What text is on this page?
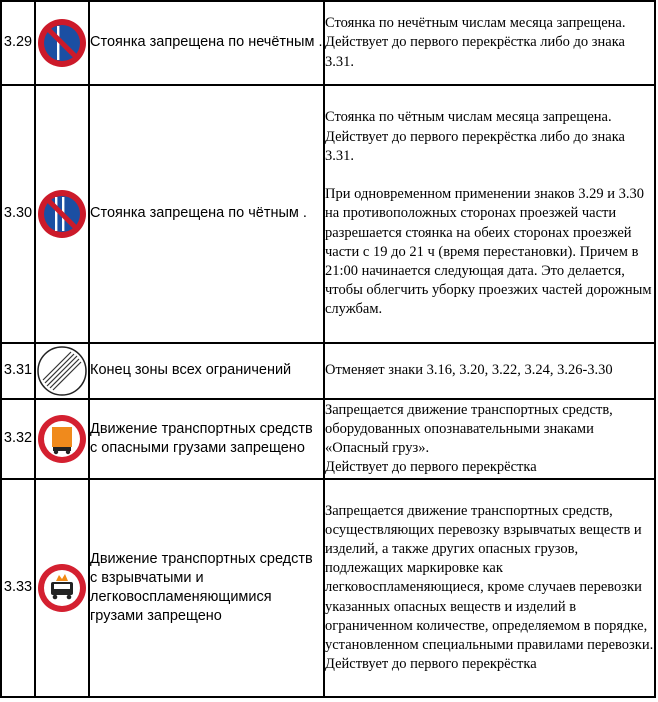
3.29		Стоянка запрещена по нечётным .	Стоянка по нечётным числам месяца запрещена.
Действует до первого перекрёстка либо до знака 3.31.

3.30		Стоянка запрещена по чётным .	Стоянка по чётным числам месяца запрещена.
Действует до первого перекрёстка либо до знака 3.31.
При одновременном применении знаков 3.29 и 3.30 на противоположных сторонах проезжей части разрешается стоянка на обеих сторонах проезжей части с 19 до 21 ч (время перестановки). Причем в 21:00 начинается следующая дата. Это делается, чтобы облегчить уборку проезжих частей дорожным службам.

3.31		Конец зоны всех ограничений	Отменяет знаки 3.16, 3.20, 3.22, 3.24, 3.26-3.30

3.32		Движение транспортных средств с опасными грузами запрещено	Запрещается движение транспортных средств, оборудованных опознавательными знаками «Опасный груз».
Действует до первого перекрёстка

3.33		Движение транспортных средств с взрывчатыми и легковоспламеняющимися грузами запрещено	Запрещается движение транспортных средств, осуществляющих перевозку взрывчатых веществ и изделий, а также других опасных грузов, подлежащих маркировке как легковоспламеняющиеся, кроме случаев перевозки указанных опасных веществ и изделий в ограниченном количестве, определяемом в порядке, установленном специальными правилами перевозки.
Действует до первого перекрёстка
